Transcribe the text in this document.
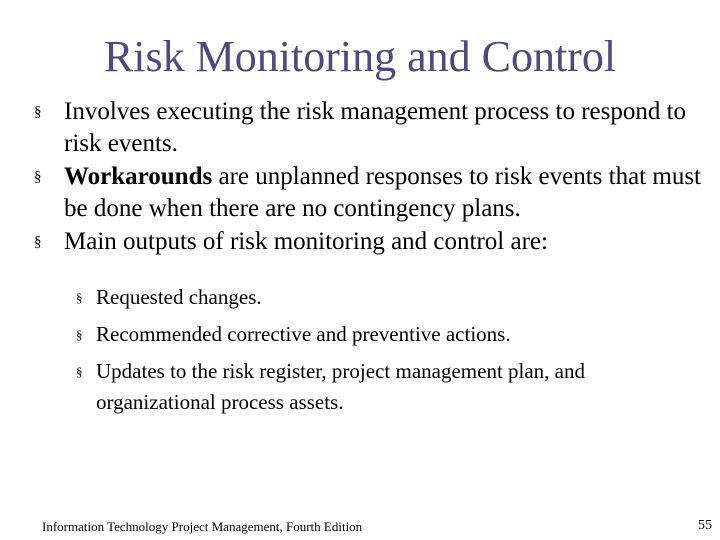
Risk Monitoring and Control
§ Involves executing the risk management process to respond to risk events.
§ Workarounds are unplanned responses to risk events that must be done when there are no contingency plans.
§ Main outputs of risk monitoring and control are:
§ Requested changes.
§ Recommended corrective and preventive actions.
§ Updates to the risk register, project management plan, and organizational process assets.
Information Technology Project Management, Fourth Edition	55
